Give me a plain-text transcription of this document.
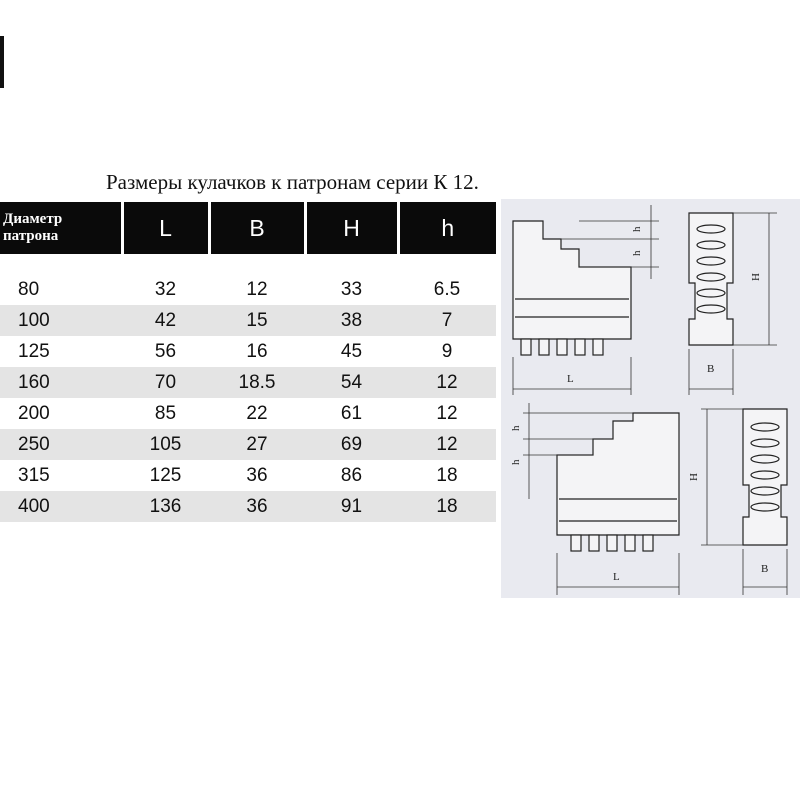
Размеры кулачков к патронам серии К 12.
Диаметр
патрона	L	B	H	h

80	32	12	33	6.5
100	42	15	38	7
125	56	16	45	9
160	70	18.5	54	12
200	85	22	61	12
250	105	27	69	12
315	125	36	86	18
400	136	36	91	18
L
h
h
H
B
h
h
L
H
B
